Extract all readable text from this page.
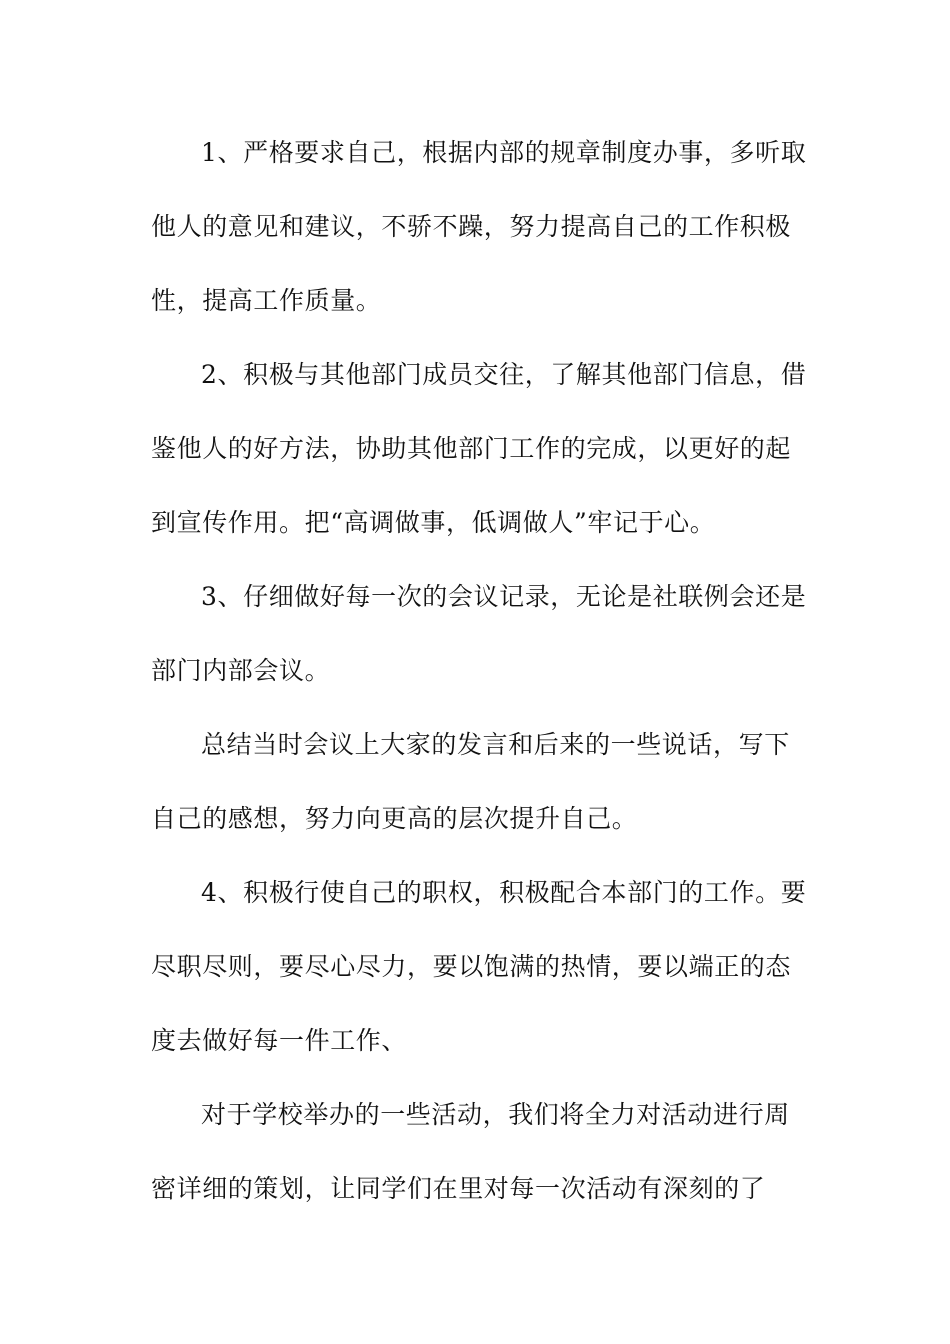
1、严格要求自己，根据内部的规章制度办事，多听取
他人的意见和建议，不骄不躁，努力提高自己的工作积极
性，提高工作质量。
2、积极与其他部门成员交往，了解其他部门信息，借
鉴他人的好方法，协助其他部门工作的完成，以更好的起
到宣传作用。把“高调做事，低调做人”牢记于心。
3、仔细做好每一次的会议记录，无论是社联例会还是
部门内部会议。
总结当时会议上大家的发言和后来的一些说话，写下
自己的感想，努力向更高的层次提升自己。
4、积极行使自己的职权，积极配合本部门的工作。要
尽职尽则，要尽心尽力，要以饱满的热情，要以端正的态
度去做好每一件工作、
对于学校举办的一些活动，我们将全力对活动进行周
密详细的策划，让同学们在里对每一次活动有深刻的了
